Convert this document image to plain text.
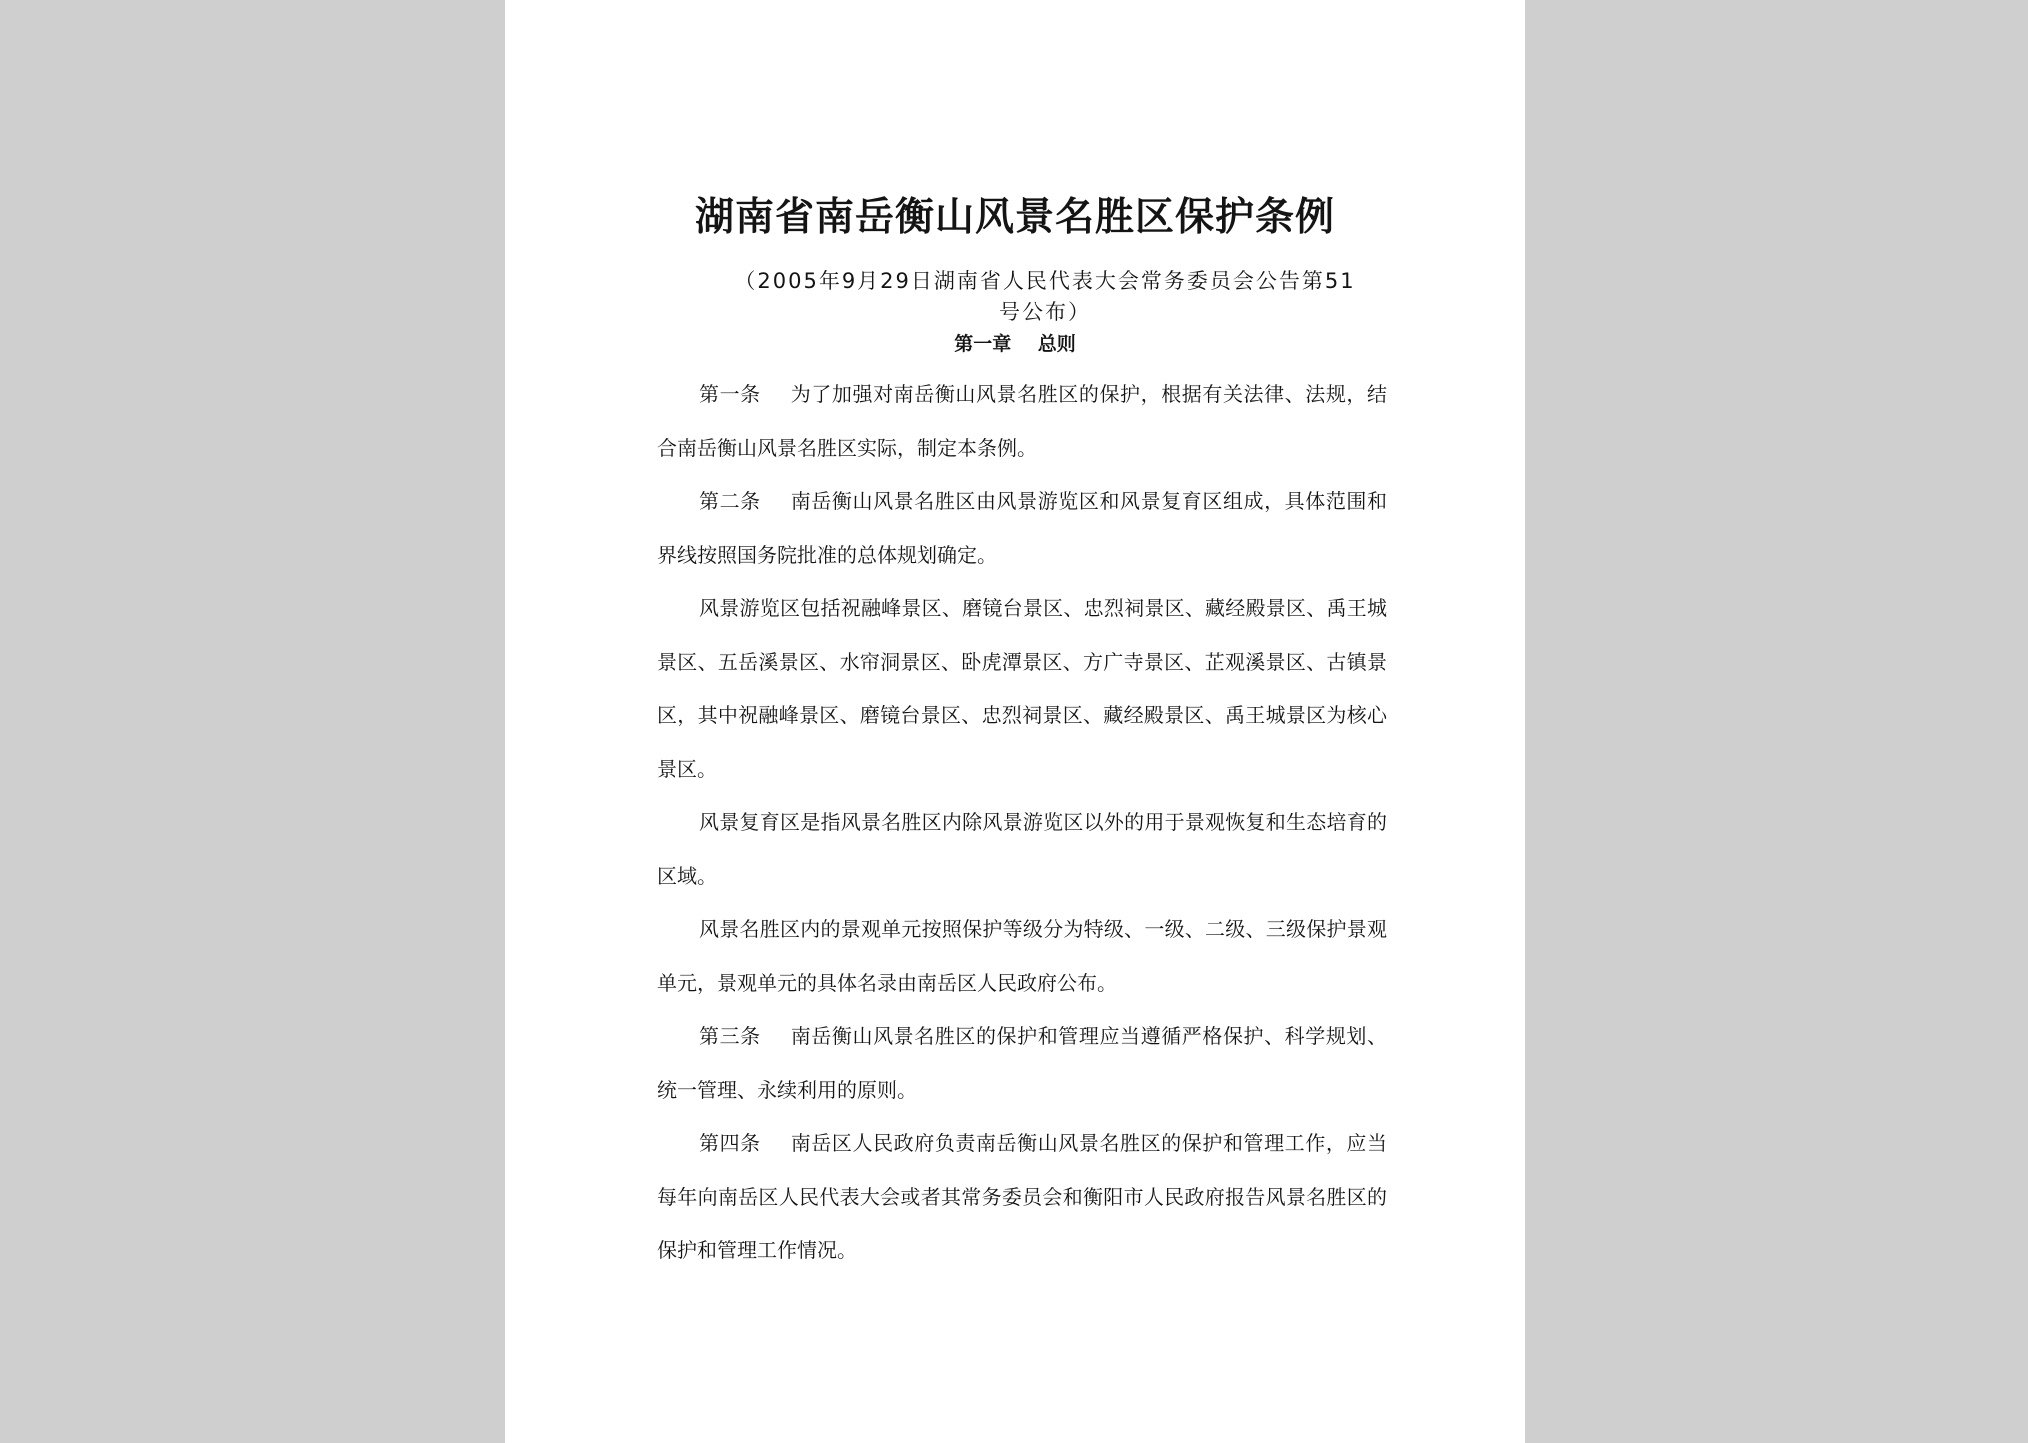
湖南省南岳衡山风景名胜区保护条例
（2005年9月29日湖南省人民代表大会常务委员会公告第51号公布）
第一章    总则

第一条 为了加强对南岳衡山风景名胜区的保护，根据有关法律、法规，结合南岳衡山风景名胜区实际，制定本条例。

第二条 南岳衡山风景名胜区由风景游览区和风景复育区组成，具体范围和界线按照国务院批准的总体规划确定。

风景游览区包括祝融峰景区、磨镜台景区、忠烈祠景区、藏经殿景区、禹王城景区、五岳溪景区、水帘洞景区、卧虎潭景区、方广寺景区、芷观溪景区、古镇景区，其中祝融峰景区、磨镜台景区、忠烈祠景区、藏经殿景区、禹王城景区为核心景区。

风景复育区是指风景名胜区内除风景游览区以外的用于景观恢复和生态培育的区域。

风景名胜区内的景观单元按照保护等级分为特级、一级、二级、三级保护景观单元，景观单元的具体名录由南岳区人民政府公布。

第三条 南岳衡山风景名胜区的保护和管理应当遵循严格保护、科学规划、统一管理、永续利用的原则。

第四条 南岳区人民政府负责南岳衡山风景名胜区的保护和管理工作，应当每年向南岳区人民代表大会或者其常务委员会和衡阳市人民政府报告风景名胜区的保护和管理工作情况。
